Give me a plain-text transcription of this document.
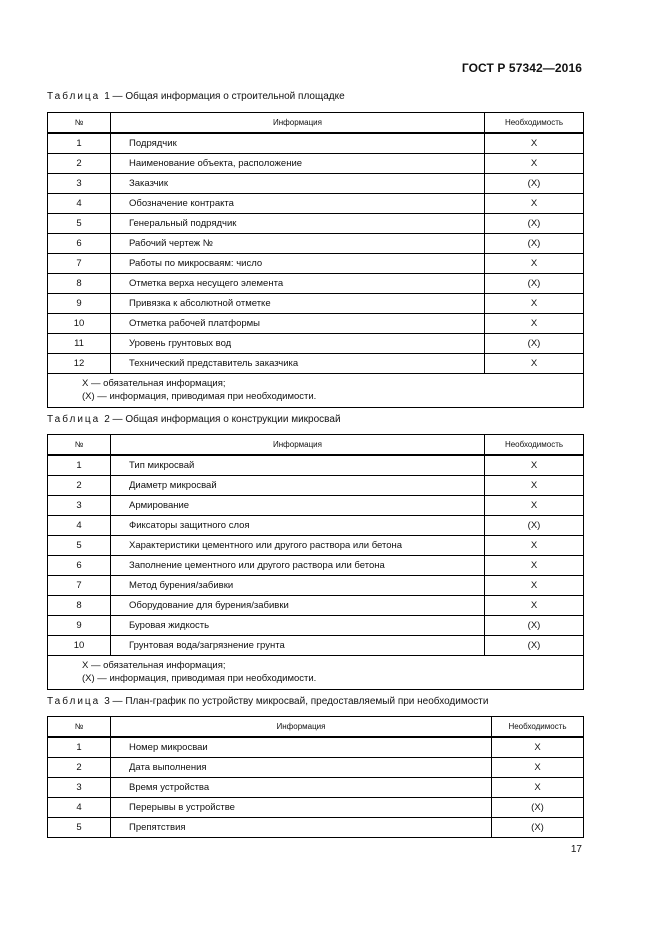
ГОСТ Р 57342—2016
Таблица 1 — Общая информация о строительной площадке
№	Информация	Необходимость
1	Подрядчик	X
2	Наименование объекта, расположение	X
3	Заказчик	(X)
4	Обозначение контракта	X
5	Генеральный подрядчик	(X)
6	Рабочий чертеж №	(X)
7	Работы по микросваям: число	X
8	Отметка верха несущего элемента	(X)
9	Привязка к абсолютной отметке	X
10	Отметка рабочей платформы	X
11	Уровень грунтовых вод	(X)
12	Технический представитель заказчика	X

X — обязательная информация;
(X) — информация, приводимая при необходимости.		
Таблица 2 — Общая информация о конструкции микросвай
№	Информация	Необходимость
1	Тип микросвай	X
2	Диаметр микросвай	X
3	Армирование	X
4	Фиксаторы защитного слоя	(X)
5	Характеристики цементного или другого раствора или бетона	X
6	Заполнение цементного или другого раствора или бетона	X
7	Метод бурения/забивки	X
8	Оборудование для бурения/забивки	X
9	Буровая жидкость	(X)
10	Грунтовая вода/загрязнение грунта	(X)

X — обязательная информация;
(X) — информация, приводимая при необходимости.		
Таблица 3 — План-график по устройству микросвай, предоставляемый при необходимости
№	Информация	Необходимость
1	Номер микросваи	X
2	Дата выполнения	X
3	Время устройства	X
4	Перерывы в устройстве	(X)
5	Препятствия	(X)
17
